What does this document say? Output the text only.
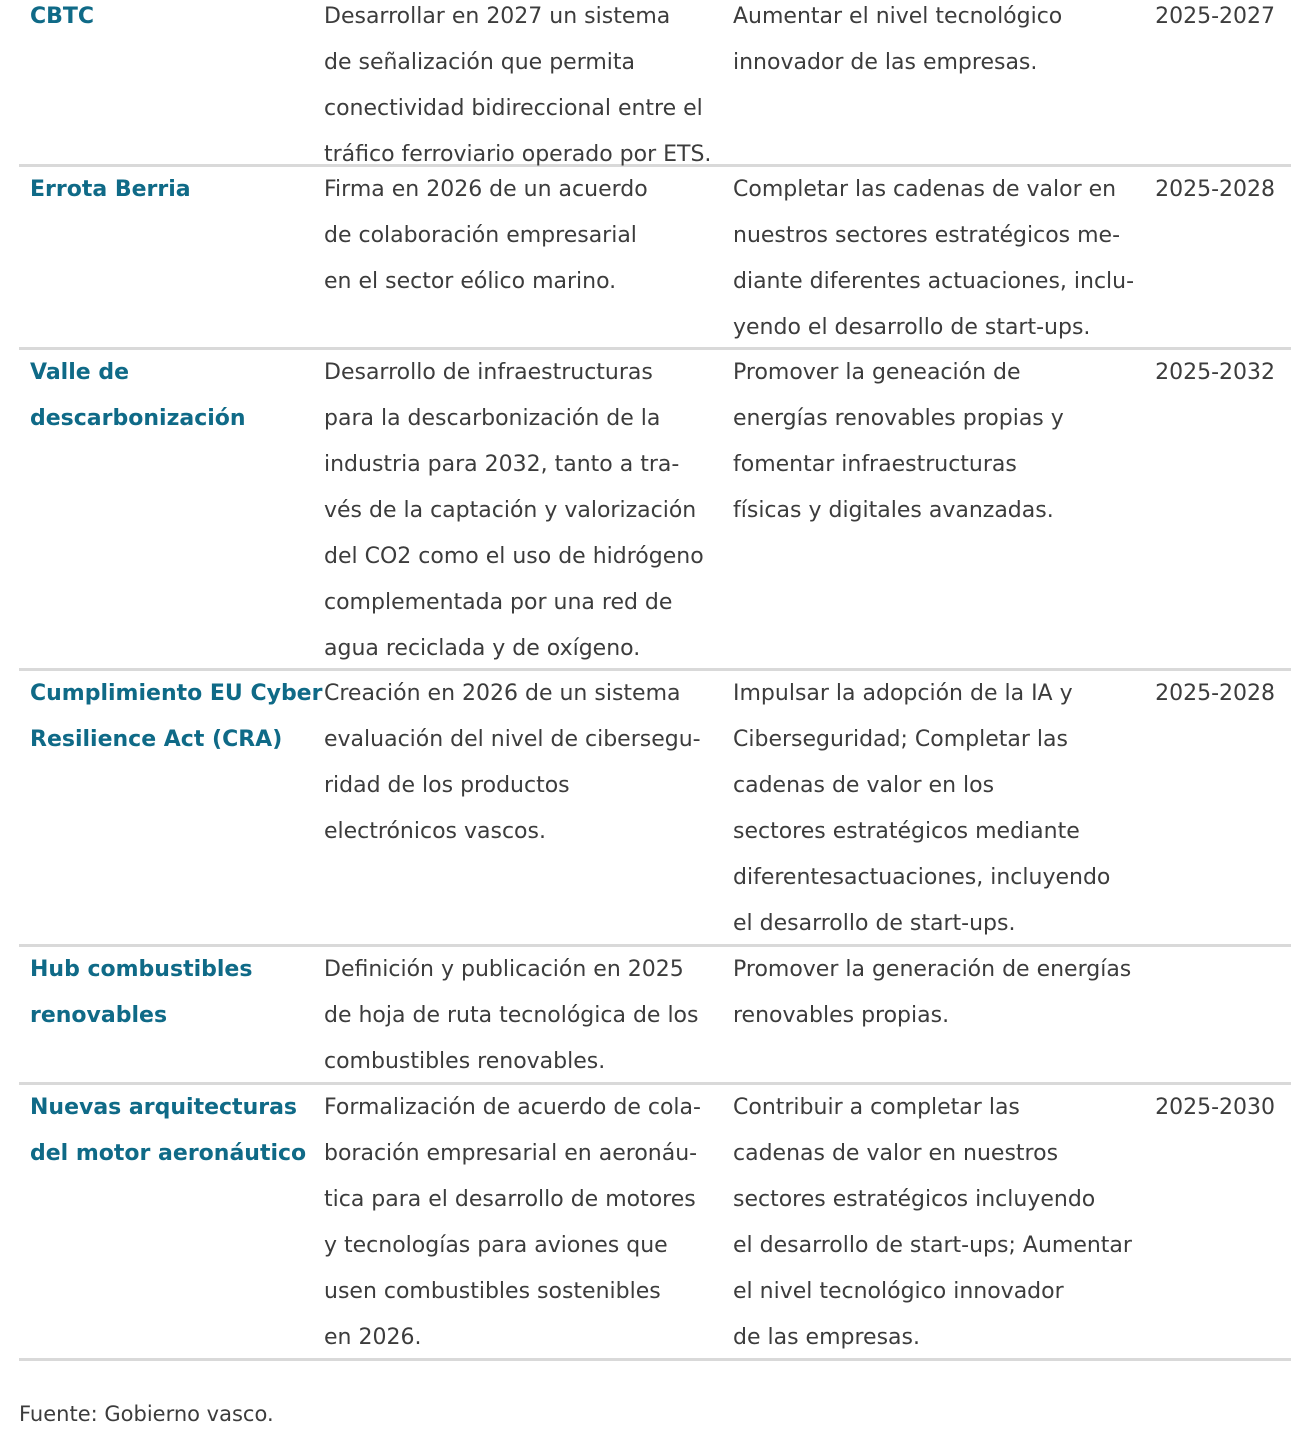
CBTC	Desarrollar en 2027 un sistema
de señalización que permita
conectividad bidireccional entre el
tráfico ferroviario operado por ETS.
Aumentar el nivel tecnológico
innovador de las empresas.
2025-2027
Errota Berria	Firma en 2026 de un acuerdo
de colaboración empresarial
en el sector eólico marino.
Completar las cadenas de valor en
nuestros sectores estratégicos me-
diante diferentes actuaciones, inclu-
yendo el desarrollo de start-ups.
2025-2028
Valle de
descarbonización
Desarrollo de infraestructuras
para la descarbonización de la
industria para 2032, tanto a tra-
vés de la captación y valorización
del CO2 como el uso de hidrógeno
complementada por una red de
agua reciclada y de oxígeno.
Promover la geneación de
energías renovables propias y
fomentar infraestructuras
físicas y digitales avanzadas.
2025-2032
Cumplimiento EU Cyber
Resilience Act (CRA)
Creación en 2026 de un sistema
evaluación del nivel de cibersegu-
ridad de los productos
electrónicos vascos.
Impulsar la adopción de la IA y
Ciberseguridad; Completar las
cadenas de valor en los
sectores estratégicos mediante
diferentesactuaciones, incluyendo
el desarrollo de start-ups.
2025-2028
Hub combustibles
renovables
Definición y publicación en 2025
de hoja de ruta tecnológica de los
combustibles renovables.
Promover la generación de energías
renovables propias.
Nuevas arquitecturas
del motor aeronáutico
Formalización de acuerdo de cola-
boración empresarial en aeronáu-
tica para el desarrollo de motores
y tecnologías para aviones que
usen combustibles sostenibles
en 2026.
Contribuir a completar las
cadenas de valor en nuestros
sectores estratégicos incluyendo
el desarrollo de start-ups; Aumentar
el nivel tecnológico innovador
de las empresas.
2025-2030
Fuente: Gobierno vasco.
